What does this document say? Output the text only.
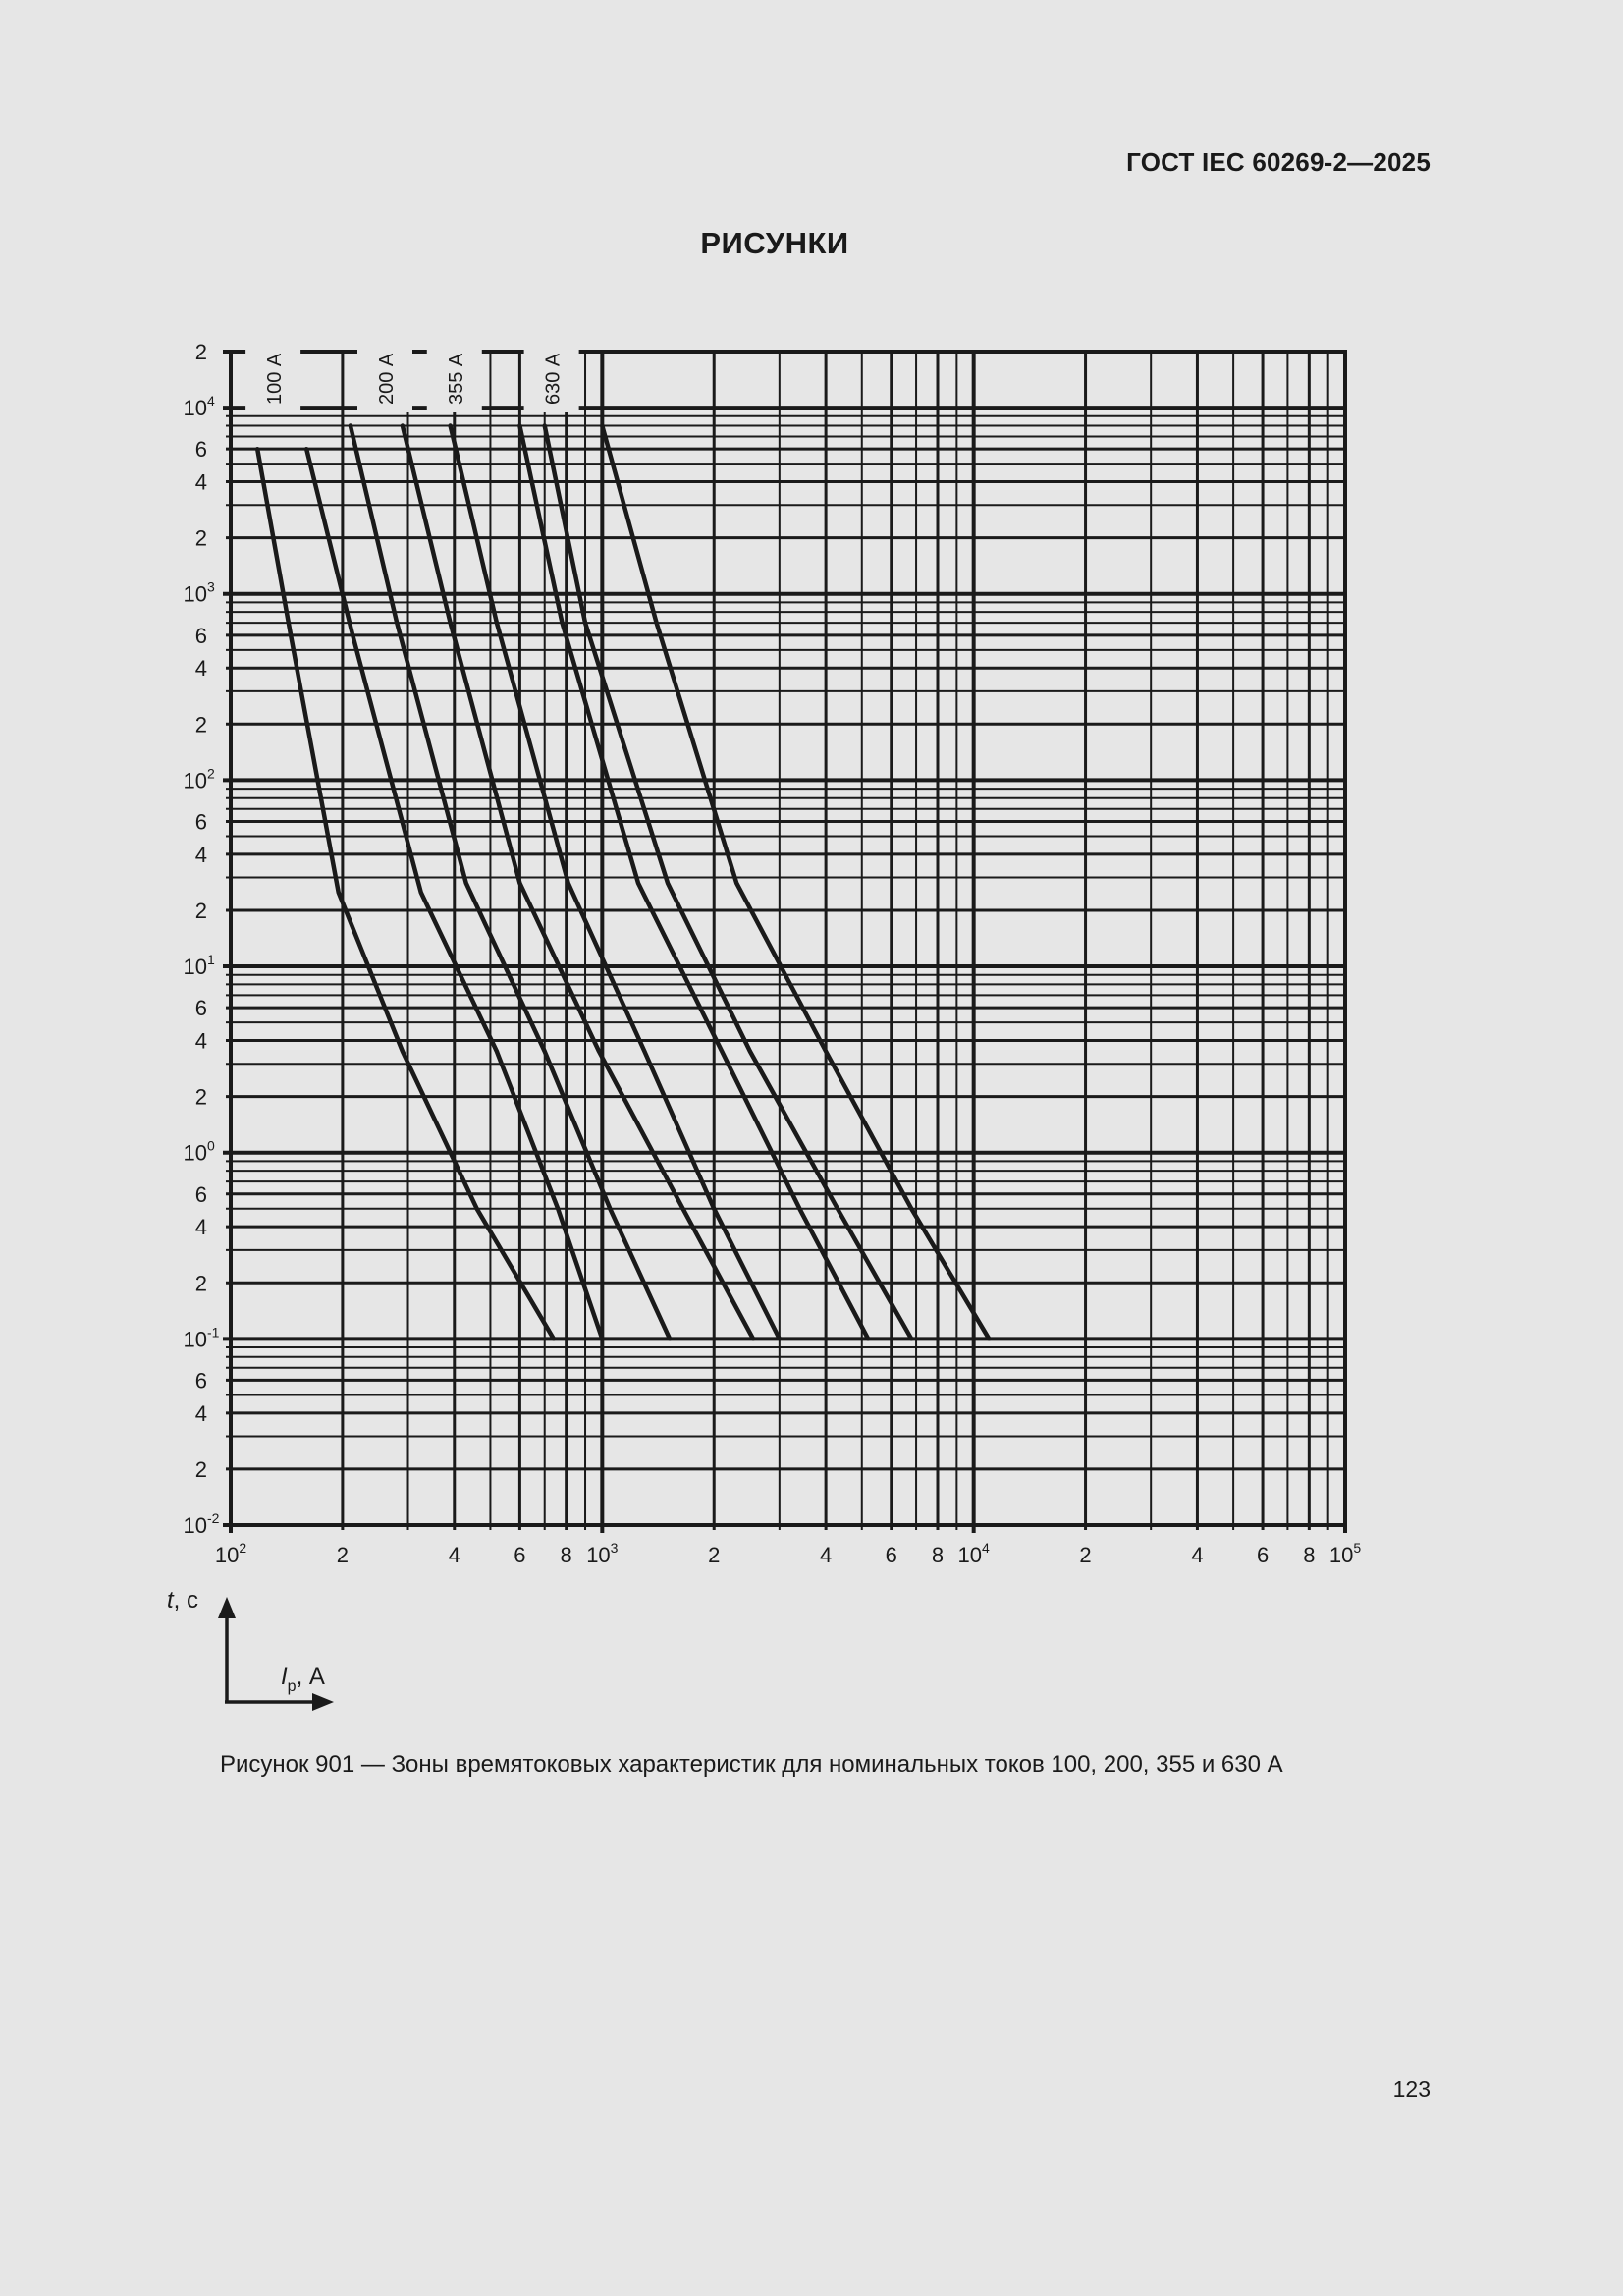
ГОСТ IEC 60269-2—2025
РИСУНКИ
100 А	200 А 355 А	630 А
$10^2$	2	4 6 8 $10^3$	2	4 6 8 $10^4$	2	4 6 8 $10^5$
2
10 4
6
4
2
10 3
6
4
2
10 2
6
4
2
10 1
6
4
2
10 0
6
4
2
10 -1
6
4
2
10 -2
t, с
$I_p$, А
Рисунок 901 — Зоны времятоковых характеристик для номинальных токов 100, 200, 355 и 630 А
123
